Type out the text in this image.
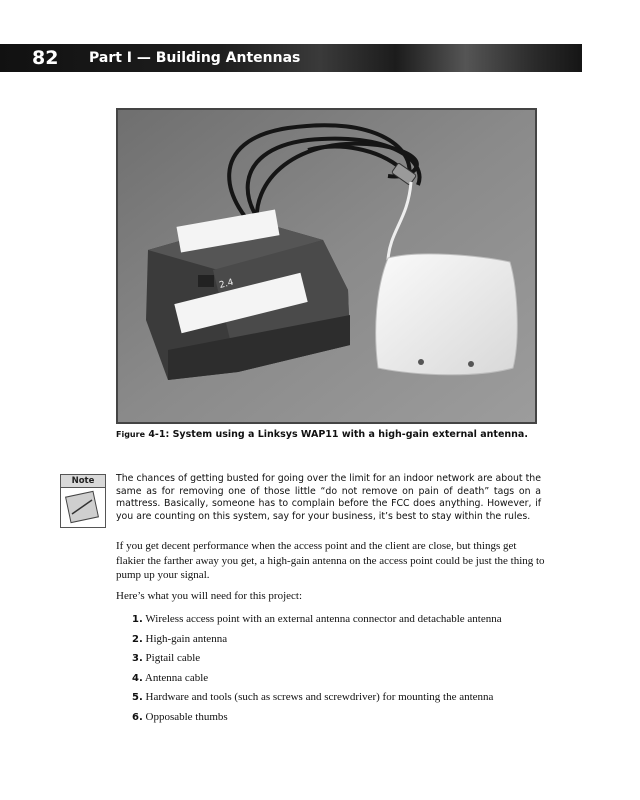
82 Part I — Building Antennas
2.4
Figure 4-1: System using a Linksys WAP11 with a high-gain external antenna.
Note	The chances of getting busted for going over the limit for an indoor network are about the same as for removing one of those little “do not remove on pain of death” tags on a mattress. Basically, someone has to complain before the FCC does anything. However, if you are counting on this system, say for your business, it’s best to stay within the rules.
If you get decent performance when the access point and the client are close, but things get flakier the farther away you get, a high-gain antenna on the access point could be just the thing to pump up your signal.
Here’s what you will need for this project:
1. Wireless access point with an external antenna connector and detachable antenna
2. High-gain antenna
3. Pigtail cable
4. Antenna cable
5. Hardware and tools (such as screws and screwdriver) for mounting the antenna
6. Opposable thumbs
